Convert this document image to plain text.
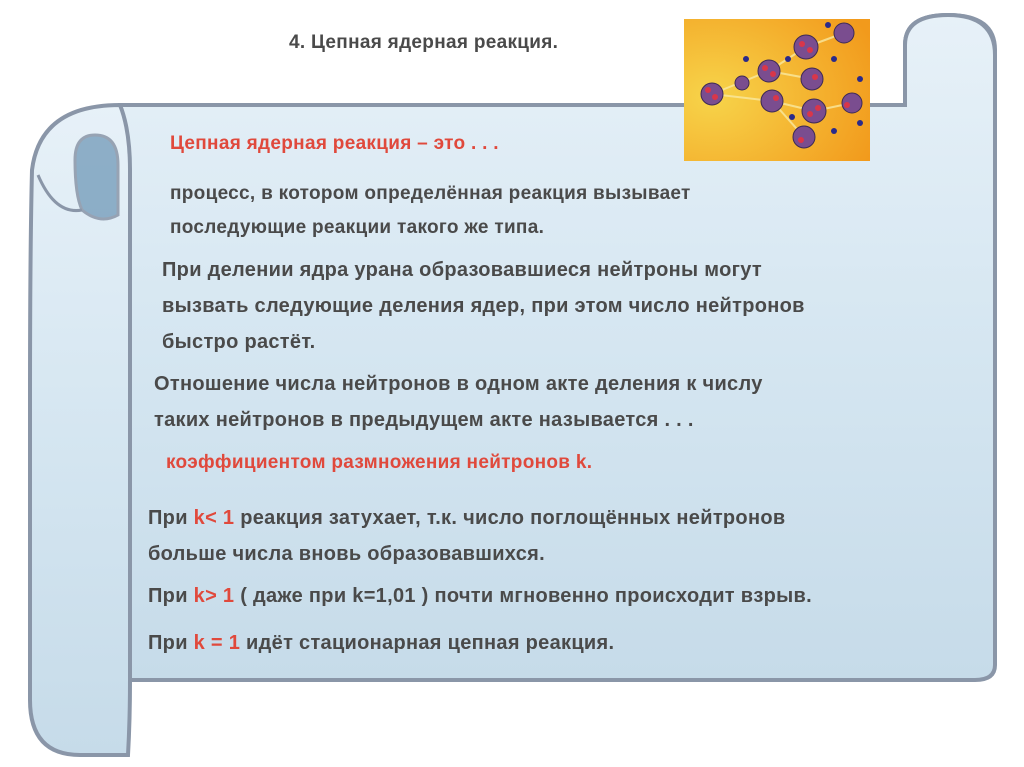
4. Цепная ядерная реакция.
Цепная ядерная реакция – это . . .
процесс, в котором определённая реакция вызывает
последующие реакции такого же типа.
При делении ядра урана образовавшиеся нейтроны могут
вызвать следующие деления ядер, при этом число нейтронов
быстро растёт.
Отношение числа нейтронов в одном акте деления к числу
таких нейтронов в предыдущем акте называется . . .
коэффициентом размножения нейтронов k.
При k< 1 реакция затухает, т.к. число поглощённых нейтронов
больше числа вновь образовавшихся.
При k> 1 ( даже при k=1,01 ) почти мгновенно происходит взрыв.
При k = 1 идёт стационарная цепная реакция.
